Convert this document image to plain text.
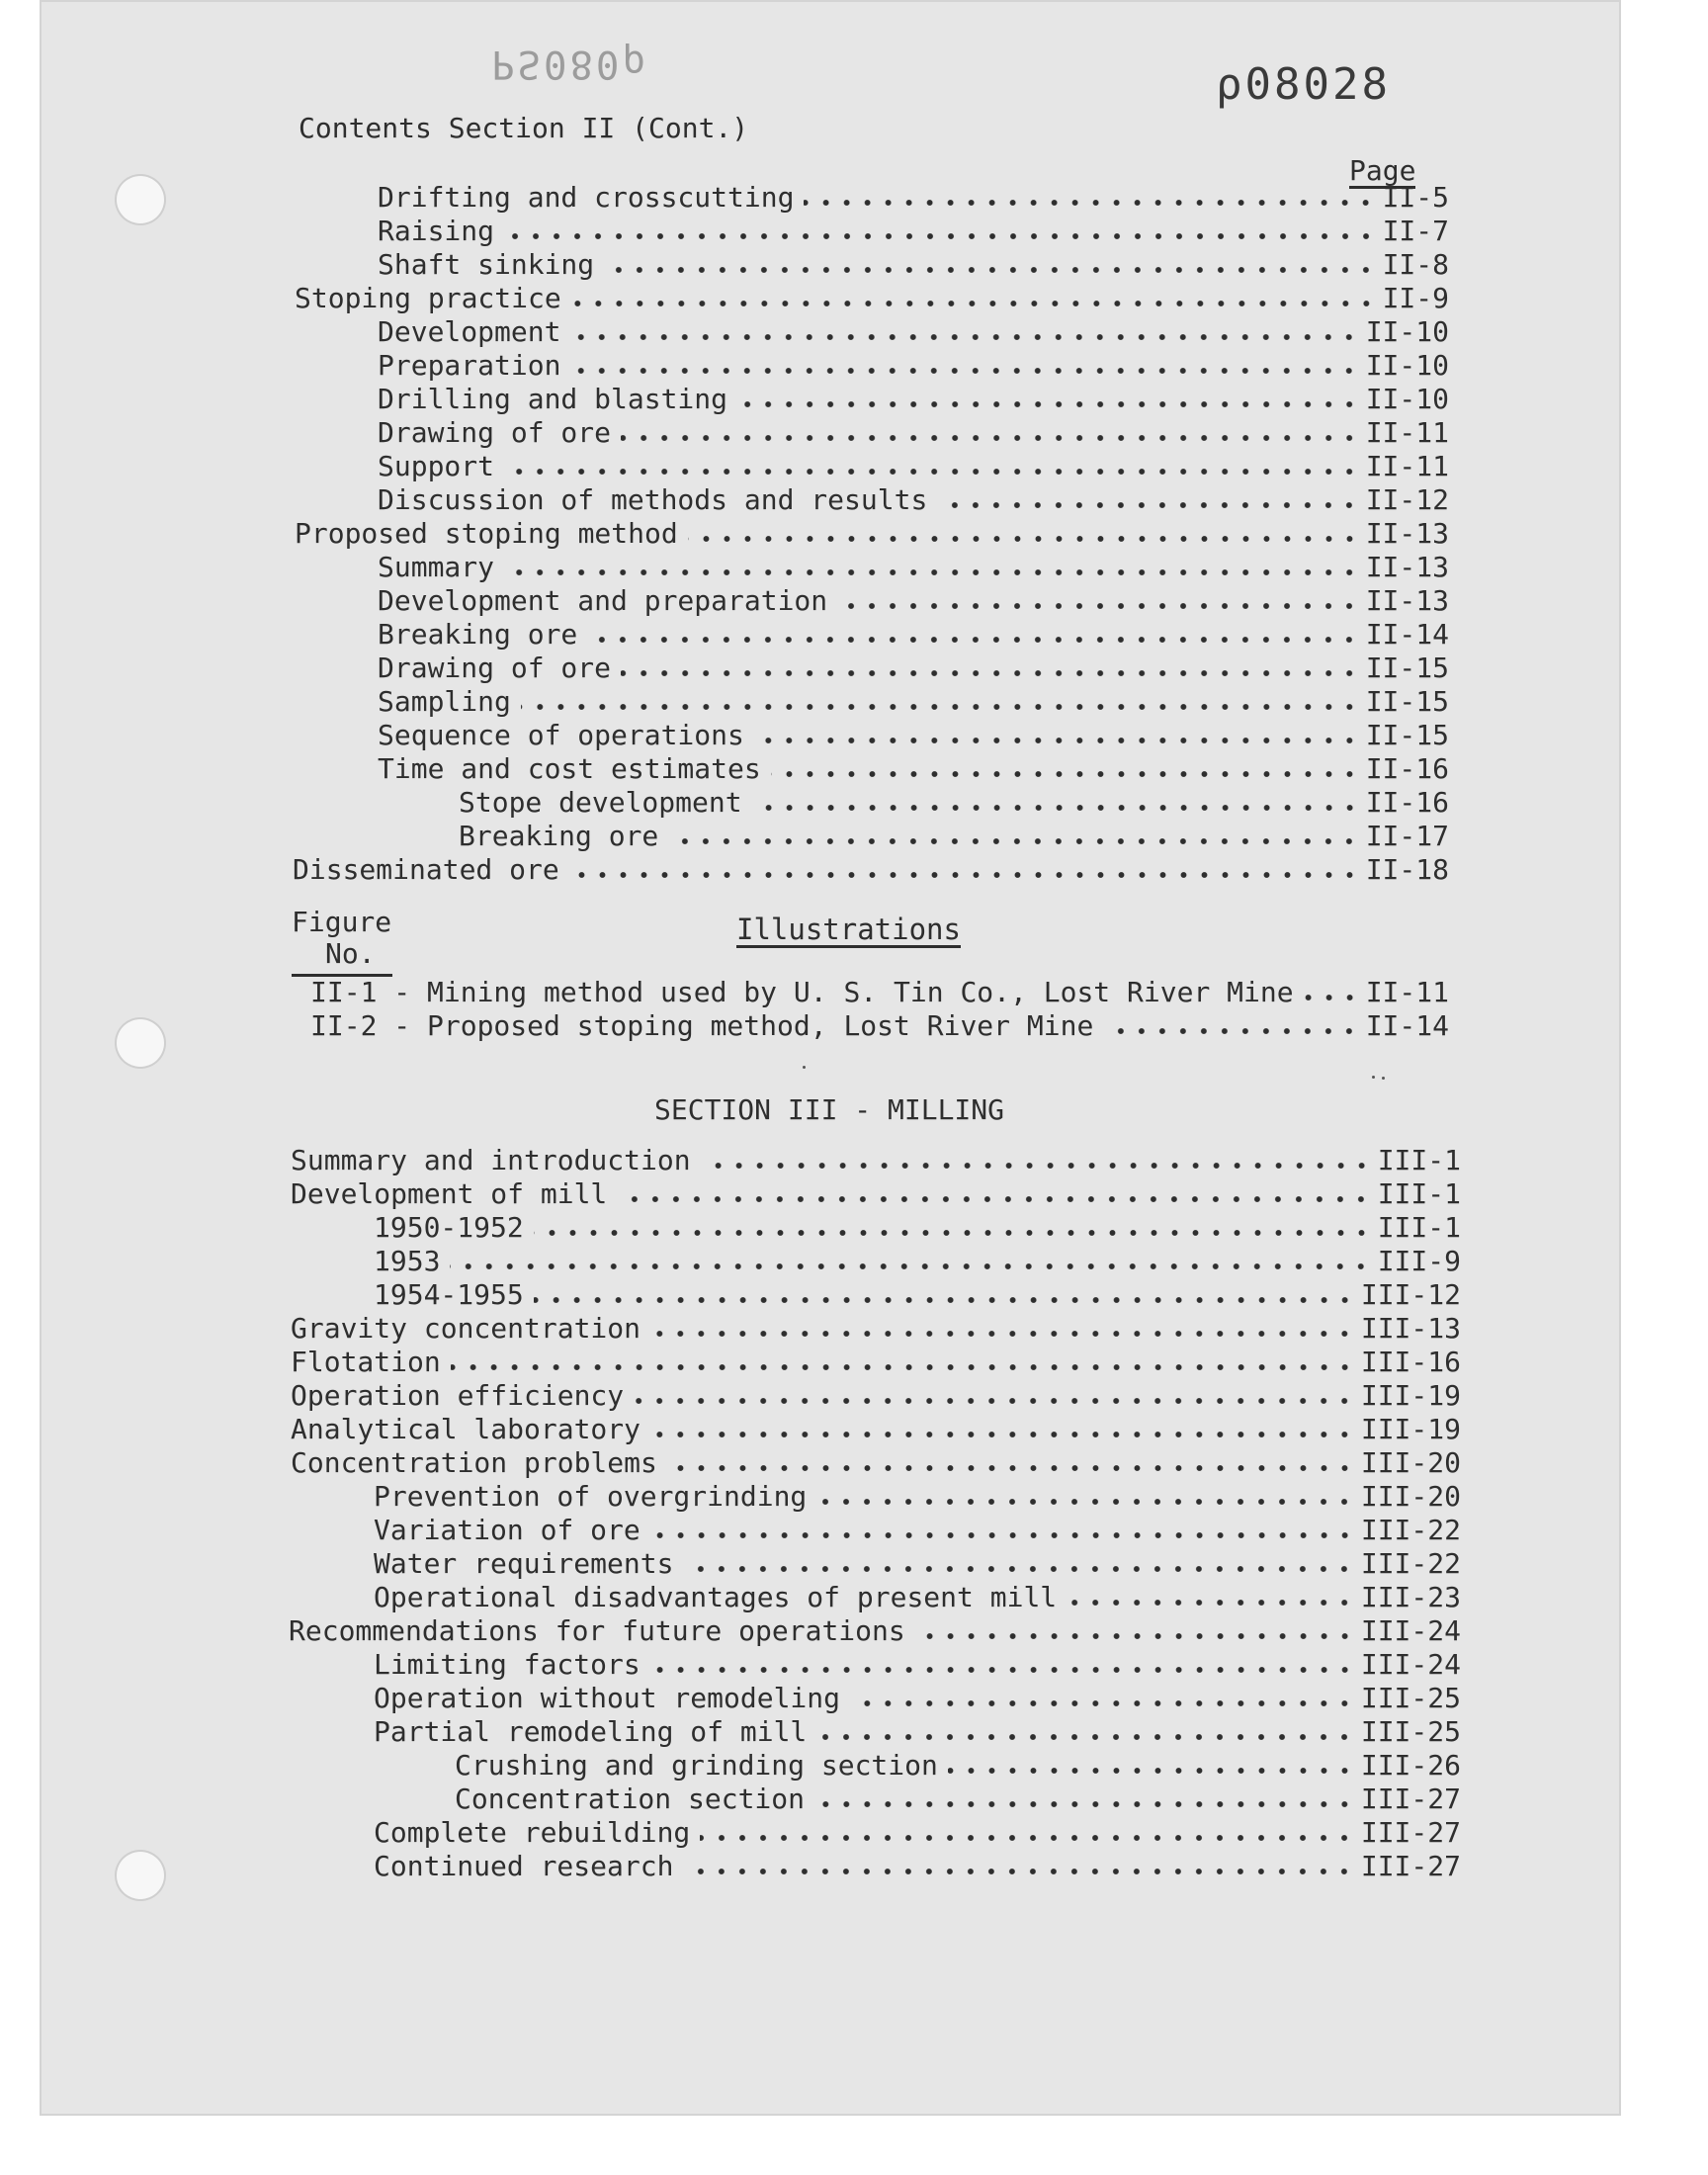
PS080ρ	ρ08028
Contents Section II (Cont.)
Page
Drifting and crosscutting	II-5
Raising	II-7
Shaft sinking	II-8
Stoping practice	II-9
Development	II-10
Preparation	II-10
Drilling and blasting	II-10
Drawing of ore	II-11
Support	II-11
Discussion of methods and results	II-12
Proposed stoping method	II-13
Summary	II-13
Development and preparation	II-13
Breaking ore	II-14
Drawing of ore	II-15
Sampling	II-15
Sequence of operations	II-15
Time and cost estimates	II-16
Stope development	II-16
Breaking ore	II-17
Disseminated ore	II-18
Figure
No.
Illustrations
II-1 - Mining method used by U. S. Tin Co., Lost River Mine	II-11
II-2 - Proposed stoping method, Lost River Mine	II-14
SECTION III - MILLING
Summary and introduction	III-1
Development of mill	III-1
1950-1952	III-1
1953	III-9
1954-1955	III-12
Gravity concentration	III-13
Flotation	III-16
Operation efficiency	III-19
Analytical laboratory	III-19
Concentration problems	III-20
Prevention of overgrinding	III-20
Variation of ore	III-22
Water requirements	III-22
Operational disadvantages of present mill	III-23
Recommendations for future operations	III-24
Limiting factors	III-24
Operation without remodeling	III-25
Partial remodeling of mill	III-25
Crushing and grinding section	III-26
Concentration section	III-27
Complete rebuilding	III-27
Continued research	III-27
